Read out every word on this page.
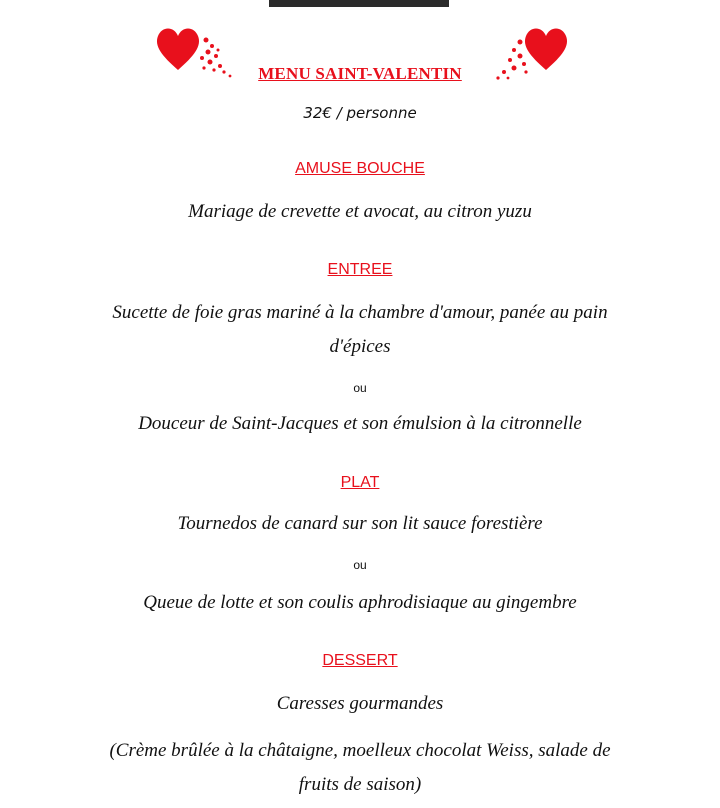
MENU SAINT-VALENTIN
32€ / personne
AMUSE BOUCHE
Mariage de crevette et avocat, au citron yuzu
ENTREE
Sucette de foie gras mariné à la chambre d'amour, panée au pain
d'épices
ou
Douceur de Saint-Jacques et son émulsion à la citronnelle
PLAT
Tournedos de canard sur son lit sauce forestière
ou
Queue de lotte et son coulis aphrodisiaque au gingembre
DESSERT
Caresses gourmandes
(Crème brûlée à la châtaigne, moelleux chocolat Weiss, salade de
fruits de saison)
